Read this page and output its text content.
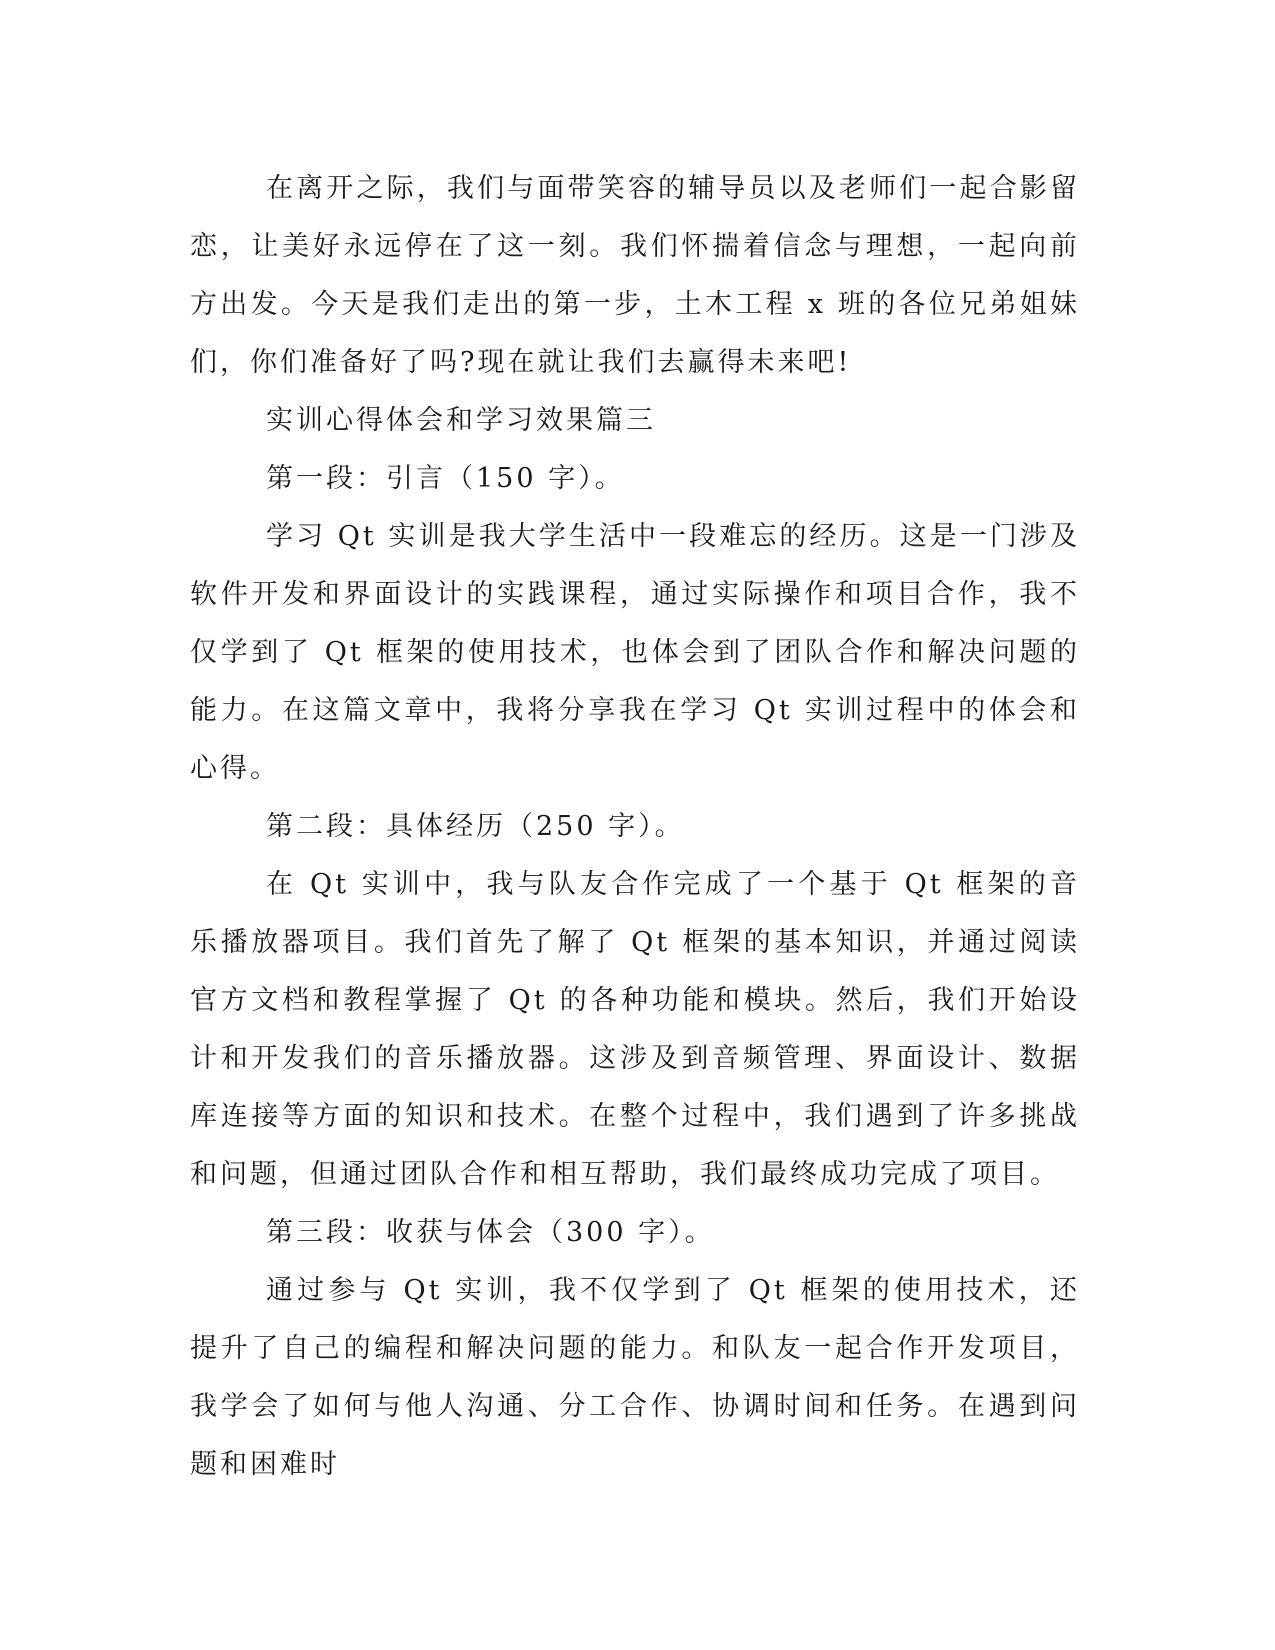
在离开之际，我们与面带笑容的辅导员以及老师们一起合影留恋，让美好永远停在了这一刻。我们怀揣着信念与理想，一起向前方出发。今天是我们走出的第一步，土木工程 x 班的各位兄弟姐妹们，你们准备好了吗?现在就让我们去赢得未来吧!

实训心得体会和学习效果篇三

第一段：引言（150 字）。

学习 Qt 实训是我大学生活中一段难忘的经历。这是一门涉及软件开发和界面设计的实践课程，通过实际操作和项目合作，我不仅学到了 Qt 框架的使用技术，也体会到了团队合作和解决问题的能力。在这篇文章中，我将分享我在学习 Qt 实训过程中的体会和心得。

第二段：具体经历（250 字）。

在 Qt 实训中，我与队友合作完成了一个基于 Qt 框架的音乐播放器项目。我们首先了解了 Qt 框架的基本知识，并通过阅读官方文档和教程掌握了 Qt 的各种功能和模块。然后，我们开始设计和开发我们的音乐播放器。这涉及到音频管理、界面设计、数据库连接等方面的知识和技术。在整个过程中，我们遇到了许多挑战和问题，但通过团队合作和相互帮助，我们最终成功完成了项目。

第三段：收获与体会（300 字）。

通过参与 Qt 实训，我不仅学到了 Qt 框架的使用技术，还提升了自己的编程和解决问题的能力。和队友一起合作开发项目，我学会了如何与他人沟通、分工合作、协调时间和任务。在遇到问题和困难时
